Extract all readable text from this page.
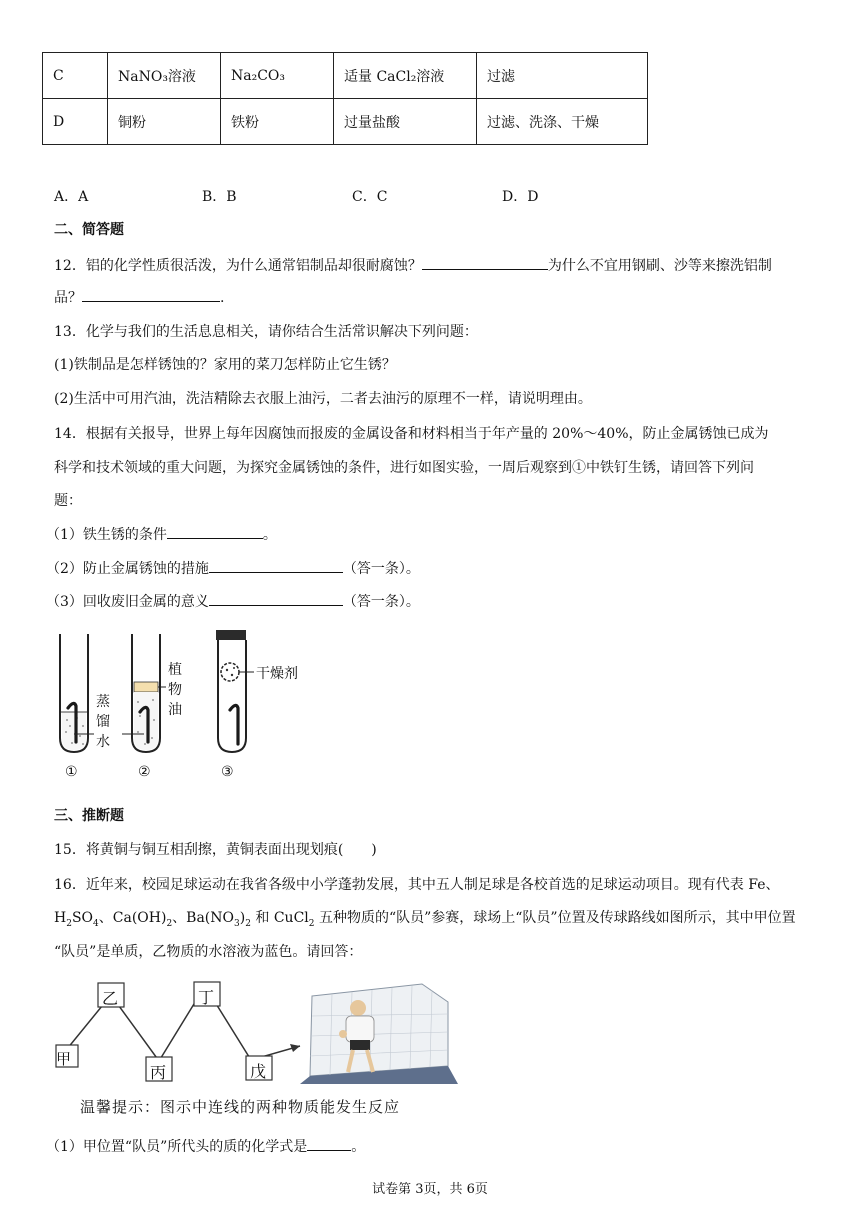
C	NaNO₃溶液	Na₂CO₃	适量 CaCl₂溶液	过滤
D	铜粉	铁粉	过量盐酸	过滤、洗涤、干燥
A．A	B．B	C．C	D．D
二、简答题
12．铝的化学性质很活泼，为什么通常铝制品却很耐腐蚀？	为什么不宜用钢刷、沙等来擦洗铝制
品？	.
13．化学与我们的生活息息相关，请你结合生活常识解决下列问题：
(1)铁制品是怎样锈蚀的？家用的菜刀怎样防止它生锈？
(2)生活中可用汽油，洗洁精除去衣服上油污，二者去油污的原理不一样，请说明理由。
14．根据有关报导，世界上每年因腐蚀而报废的金属设备和材料相当于年产量的 20%～40%，防止金属锈蚀已成为
科学和技术领域的重大问题，为探究金属锈蚀的条件，进行如图实验，一周后观察到①中铁钉生锈，请回答下列问
题：
（1）铁生锈的条件	。
（2）防止金属锈蚀的措施	（答一条）。
（3）回收废旧金属的意义	（答一条）。
蒸
馏
水
植
物
油
干燥剂
①	②	③
三、推断题
15．将黄铜与铜互相刮擦，黄铜表面出现划痕(　　)
16．近年来，校园足球运动在我省各级中小学蓬勃发展，其中五人制足球是各校首选的足球运动项目。现有代表 Fe、
$H_2SO_4$、$Ca(OH)_2$、$Ba(NO_3)_2$ 和 CuCl$_2$ 五种物质的“队员”参赛，球场上“队员”位置及传球路线如图所示，其中甲位置
“队员”是单质，乙物质的水溶液为蓝色。请回答：
甲
乙
丙
丁
戊
温馨提示：图示中连线的两种物质能发生反应
（1）甲位置“队员”所代头的质的化学式是	。
试卷第 3页，共 6页
